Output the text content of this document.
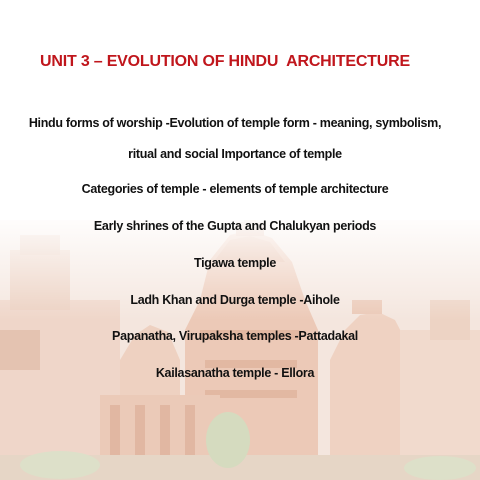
UNIT 3 – EVOLUTION OF HINDU  ARCHITECTURE
Hindu forms of worship -Evolution of temple form - meaning, symbolism,
ritual and social Importance of temple
Categories of temple - elements of temple architecture
Early shrines of the Gupta and Chalukyan periods
Tigawa temple
Ladh Khan and Durga temple -Aihole
Papanatha, Virupaksha temples -Pattadakal
Kailasanatha temple - Ellora
